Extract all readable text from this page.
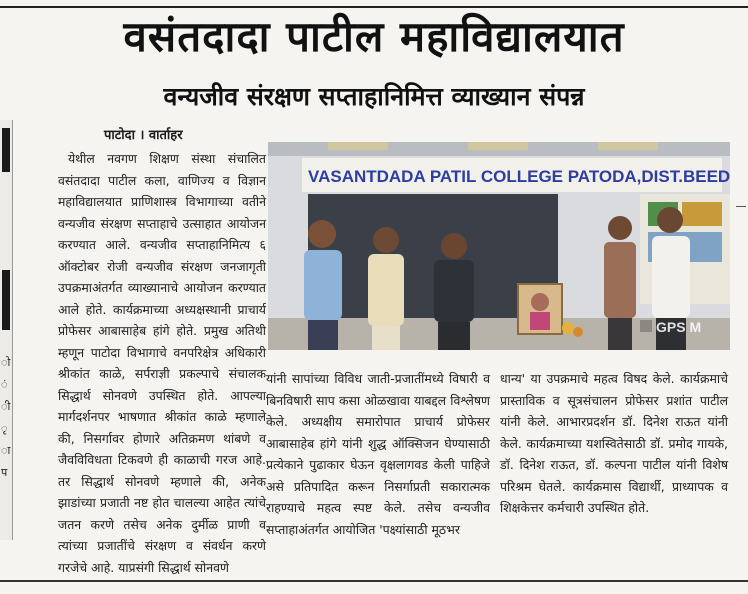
वसंतदादा पाटील महाविद्यालयात
वन्यजीव संरक्षण सप्ताहानिमित्त व्याख्यान संपन्न
ो
ं
ी
ृ
ा
प
पाटोदा । वार्ताहर

येथील नवगण शिक्षण संस्था संचालित वसंतदादा पाटील कला, वाणिज्य व विज्ञान महाविद्यालयात प्राणिशास्त्र विभागाच्या वतीने वन्यजीव संरक्षण सप्ताहाचे उत्साहात आयोजन करण्यात आले. वन्यजीव सप्ताहानिमित्य ६ ऑक्टोबर रोजी वन्यजीव संरक्षण जनजागृती उपक्रमाअंतर्गत व्याख्यानाचे आयोजन करण्यात आले होते. कार्यक्रमाच्या अध्यक्षस्थानी प्राचार्य प्रोफेसर आबासाहेब हांगे होते. प्रमुख अतिथी म्हणून पाटोदा विभागाचे वनपरिक्षेत्र अधिकारी श्रीकांत काळे, सर्पराज्ञी प्रकल्पाचे संचालक सिद्धार्थ सोनवणे उपस्थित होते. आपल्या मार्गदर्शनपर भाषणात श्रीकांत काळे म्हणाले की, निसर्गावर होणारे अतिक्रमण थांबणे व जैवविविधता टिकवणे ही काळाची गरज आहे. तर सिद्धार्थ सोनवणे म्हणाले की, अनेक झाडांच्या प्रजाती नष्ट होत चालल्या आहेत त्यांचे जतन करणे तसेच अनेक दुर्मीळ प्राणी व त्यांच्या प्रजातींचे संरक्षण व संवर्धन करणे गरजेचे आहे. याप्रसंगी सिद्धार्थ सोनवणे

VASANTDADA PATIL COLLEGE PATODA,DIST.BEED
GPS M

यांनी सापांच्या विविध जाती-प्रजातींमध्ये विषारी व बिनविषारी साप कसा ओळखावा याबद्दल विश्लेषण केले. अध्यक्षीय समारोपात प्राचार्य प्रोफेसर आबासाहेब हांगे यांनी शुद्ध ऑक्सिजन घेण्यासाठी प्रत्येकाने पुढाकार घेऊन वृक्षलागवड केली पाहिजे असे प्रतिपादित करून निसर्गाप्रती सकारात्मक राहण्याचे महत्व स्पष्ट केले. तसेच वन्यजीव सप्ताहाअंतर्गत आयोजित 'पक्ष्यांसाठी मूठभर

धान्य' या उपक्रमाचे महत्व विषद केले. कार्यक्रमाचे प्रास्ताविक व सूत्रसंचालन प्रोफेसर प्रशांत पाटील यांनी केले. आभारप्रदर्शन डॉ. दिनेश राऊत यांनी केले. कार्यक्रमाच्या यशस्वितेसाठी डॉ. प्रमोद गायके, डॉ. दिनेश राऊत, डॉ. कल्पना पाटील यांनी विशेष परिश्रम घेतले. कार्यक्रमास विद्यार्थी, प्राध्यापक व शिक्षकेत्तर कर्मचारी उपस्थित होते.
